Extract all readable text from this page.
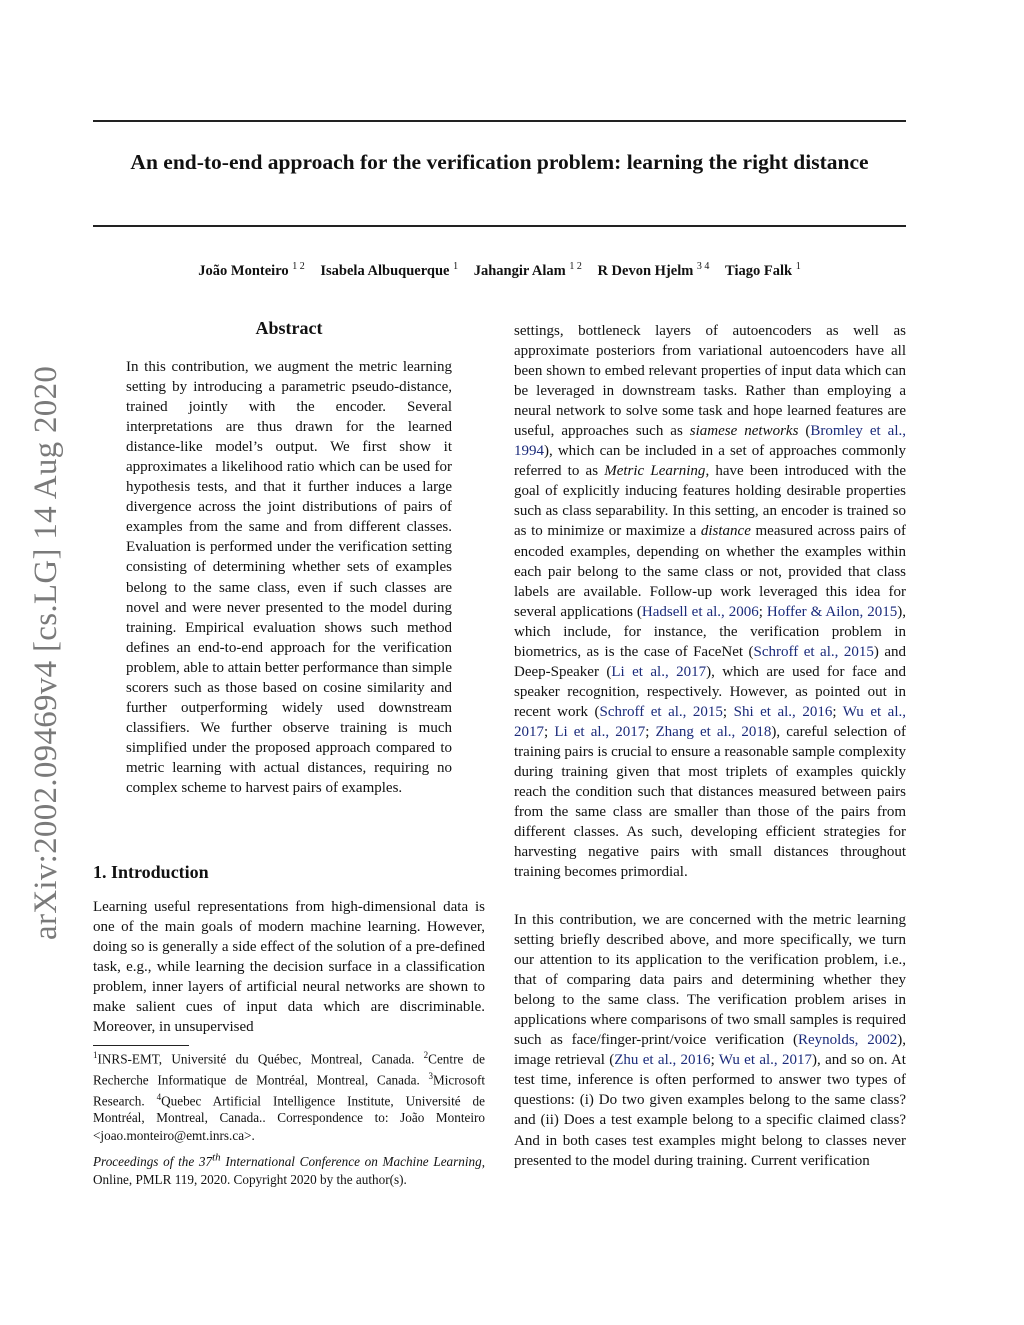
arXiv:2002.09469v4 [cs.LG] 14 Aug 2020
An end-to-end approach for the verification problem: learning the right distance
João Monteiro $^{1 2}$ Isabela Albuquerque $^1$ Jahangir Alam $^{1 2}$ R Devon Hjelm $^{3 4}$ Tiago Falk $^1$
Abstract
In this contribution, we augment the metric learning setting by introducing a parametric pseudo-distance, trained jointly with the encoder. Several interpretations are thus drawn for the learned distance-like model’s output. We first show it approximates a likelihood ratio which can be used for hypothesis tests, and that it further induces a large divergence across the joint distributions of pairs of examples from the same and from different classes. Evaluation is performed under the verification setting consisting of determining whether sets of examples belong to the same class, even if such classes are novel and were never presented to the model during training. Empirical evaluation shows such method defines an end-to-end approach for the verification problem, able to attain better performance than simple scorers such as those based on cosine similarity and further outperforming widely used downstream classifiers. We further observe training is much simplified under the proposed approach compared to metric learning with actual distances, requiring no complex scheme to harvest pairs of examples.
1. Introduction
Learning useful representations from high-dimensional data is one of the main goals of modern machine learning. However, doing so is generally a side effect of the solution of a pre-defined task, e.g., while learning the decision surface in a classification problem, inner layers of artificial neural networks are shown to make salient cues of input data which are discriminable. Moreover, in unsupervised
$^1$INRS-EMT, Université du Québec, Montreal, Canada. $^2$Centre de Recherche Informatique de Montréal, Montreal, Canada. $^3$Microsoft Research. $^4$Quebec Artificial Intelligence Institute, Université de Montréal, Montreal, Canada.. Correspondence to: João Monteiro <joao.monteiro@emt.inrs.ca>.
Proceedings of the 37th International Conference on Machine Learning, Online, PMLR 119, 2020. Copyright 2020 by the author(s).
settings, bottleneck layers of autoencoders as well as approximate posteriors from variational autoencoders have all been shown to embed relevant properties of input data which can be leveraged in downstream tasks. Rather than employing a neural network to solve some task and hope learned features are useful, approaches such as siamese networks (Bromley et al., 1994), which can be included in a set of approaches commonly referred to as Metric Learning, have been introduced with the goal of explicitly inducing features holding desirable properties such as class separability. In this setting, an encoder is trained so as to minimize or maximize a distance measured across pairs of encoded examples, depending on whether the examples within each pair belong to the same class or not, provided that class labels are available. Follow-up work leveraged this idea for several applications (Hadsell et al., 2006; Hoffer & Ailon, 2015), which include, for instance, the verification problem in biometrics, as is the case of FaceNet (Schroff et al., 2015) and Deep-Speaker (Li et al., 2017), which are used for face and speaker recognition, respectively. However, as pointed out in recent work (Schroff et al., 2015; Shi et al., 2016; Wu et al., 2017; Li et al., 2017; Zhang et al., 2018), careful selection of training pairs is crucial to ensure a reasonable sample complexity during training given that most triplets of examples quickly reach the condition such that distances measured between pairs from the same class are smaller than those of the pairs from different classes. As such, developing efficient strategies for harvesting negative pairs with small distances throughout training becomes primordial.
In this contribution, we are concerned with the metric learning setting briefly described above, and more specifically, we turn our attention to its application to the verification problem, i.e., that of comparing data pairs and determining whether they belong to the same class. The verification problem arises in applications where comparisons of two small samples is required such as face/finger-print/voice verification (Reynolds, 2002), image retrieval (Zhu et al., 2016; Wu et al., 2017), and so on. At test time, inference is often performed to answer two types of questions: (i) Do two given examples belong to the same class? and (ii) Does a test example belong to a specific claimed class? And in both cases test examples might belong to classes never presented to the model during training. Current verification
